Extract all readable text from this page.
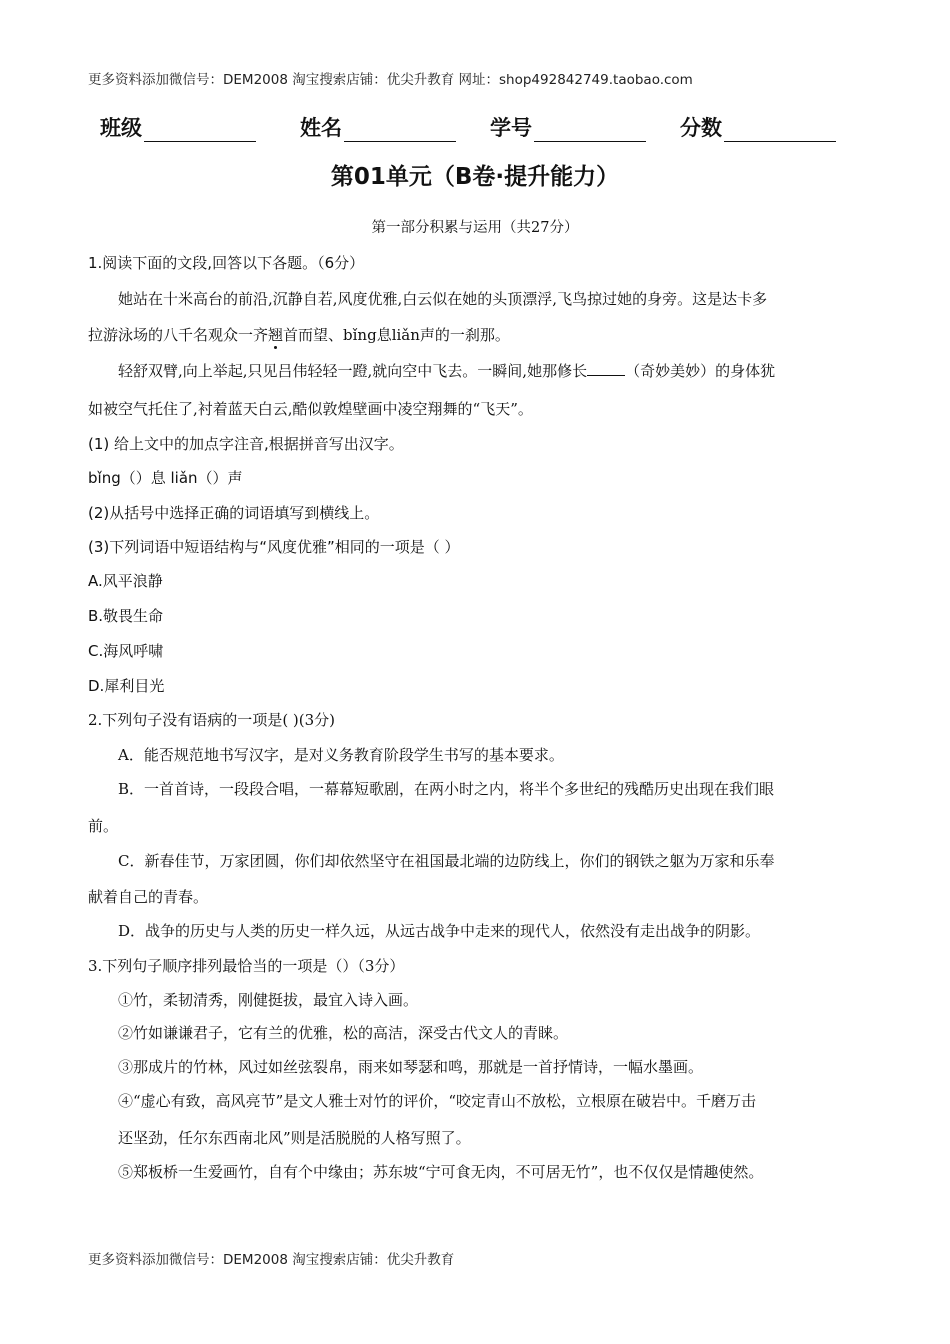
更多资料添加微信号：DEM2008 淘宝搜索店铺：优尖升教育 网址：shop492842749.taobao.com
班级	姓名	学号	分数
第01单元（B卷·提升能力）
第一部分积累与运用（共27分）
1.阅读下面的文段,回答以下各题。（6分）
她站在十米高台的前沿,沉静自若,风度优雅,白云似在她的头顶漂浮,飞鸟掠过她的身旁。这是达卡多
拉游泳场的八千名观众一齐翘首而望、bǐng息liǎn声的一刹那。
轻舒双臂,向上举起,只见吕伟轻轻一蹬,就向空中飞去。一瞬间,她那修长	（奇妙美妙）的身体犹
如被空气托住了,衬着蓝天白云,酷似敦煌壁画中凌空翔舞的“飞天”。
(1) 给上文中的加点字注音,根据拼音写出汉字。
bǐng（）息 liǎn（）声
(2)从括号中选择正确的词语填写到横线上。
(3)下列词语中短语结构与“风度优雅”相同的一项是（ ）
A.风平浪静
B.敬畏生命
C.海风呼啸
D.犀利目光
2.下列句子没有语病的一项是( )(3分)
A．能否规范地书写汉字，是对义务教育阶段学生书写的基本要求。
B．一首首诗，一段段合唱，一幕幕短歌剧，在两小时之内，将半个多世纪的残酷历史出现在我们眼
前。
C．新春佳节，万家团圆，你们却依然坚守在祖国最北端的边防线上，你们的钢铁之躯为万家和乐奉
献着自己的青春。
D．战争的历史与人类的历史一样久远，从远古战争中走来的现代人，依然没有走出战争的阴影。
3.下列句子顺序排列最恰当的一项是（）（3分）
①竹，柔韧清秀，刚健挺拔，最宜入诗入画。
②竹如谦谦君子，它有兰的优雅，松的高洁，深受古代文人的青睐。
③那成片的竹林，风过如丝弦裂帛，雨来如琴瑟和鸣，那就是一首抒情诗，一幅水墨画。
④“虚心有致，高风亮节”是文人雅士对竹的评价，“咬定青山不放松，立根原在破岩中。千磨万击
还坚劲，任尔东西南北风”则是活脱脱的人格写照了。
⑤郑板桥一生爱画竹，自有个中缘由；苏东坡“宁可食无肉，不可居无竹”，也不仅仅是情趣使然。
更多资料添加微信号：DEM2008 淘宝搜索店铺：优尖升教育
